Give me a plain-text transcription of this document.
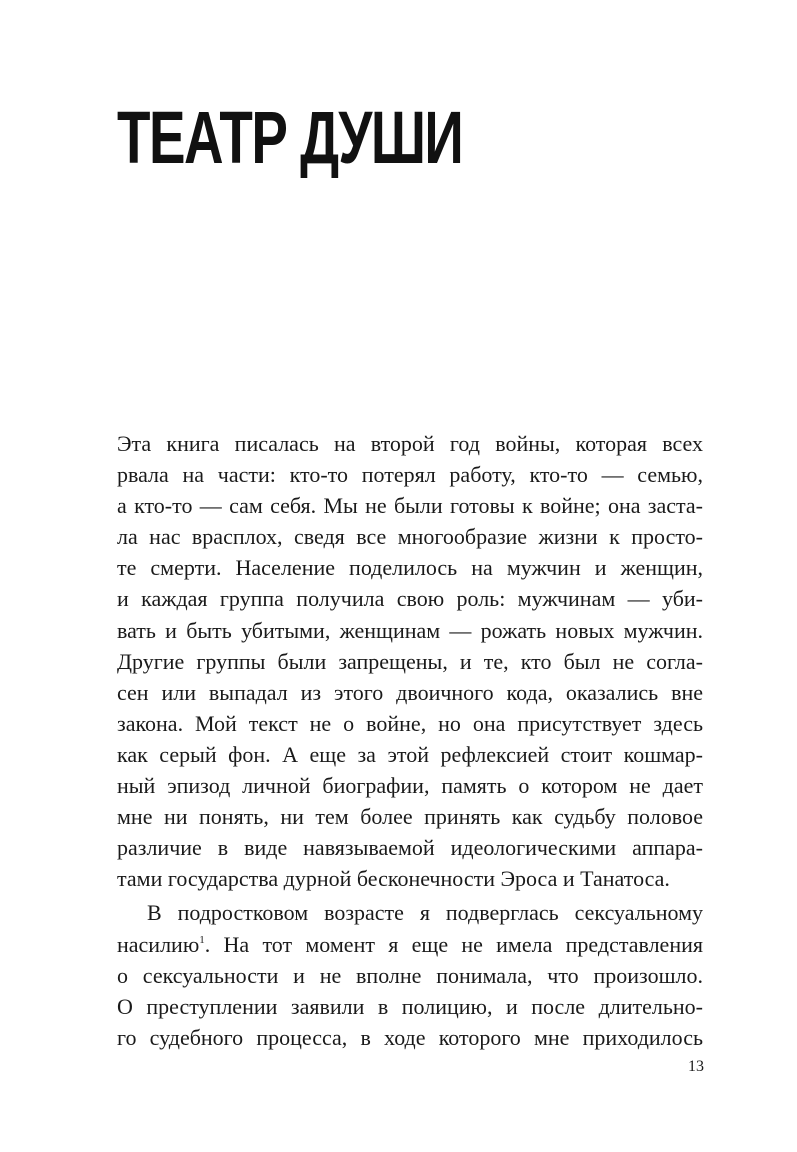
ТЕАТР ДУШИ

Эта книга писалась на второй год войны, которая всех
рвала на части: кто-то потерял работу, кто-то — семью,
а кто-то — сам себя. Мы не были готовы к войне; она заста-
ла нас врасплох, сведя все многообразие жизни к просто-
те смерти. Население поделилось на мужчин и женщин,
и каждая группа получила свою роль: мужчинам — уби-
вать и быть убитыми, женщинам — рожать новых мужчин.
Другие группы были запрещены, и те, кто был не согла-
сен или выпадал из этого двоичного кода, оказались вне
закона. Мой текст не о войне, но она присутствует здесь
как серый фон. А еще за этой рефлексией стоит кошмар-
ный эпизод личной биографии, память о котором не дает
мне ни понять, ни тем более принять как судьбу половое
различие в виде навязываемой идеологическими аппара-
тами государства дурной бесконечности Эроса и Танатоса.

В подростковом возрасте я подверглась сексуальному
насилию$^1$. На тот момент я еще не имела представления
о сексуальности и не вполне понимала, что произошло.
О преступлении заявили в полицию, и после длительно-
го судебного процесса, в ходе которого мне приходилось

13
